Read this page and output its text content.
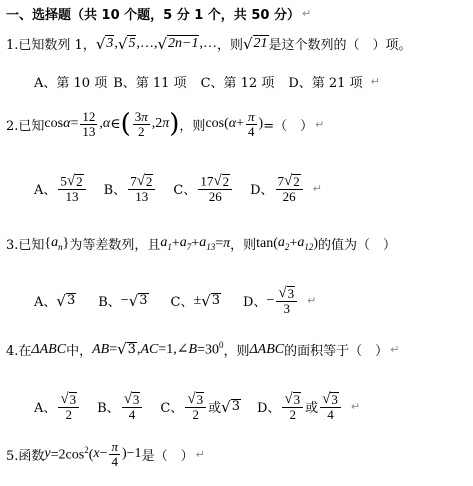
一、选择题（共 10 个题，5 分 1 个，共 50 分） ↵
1.已知数列 1， √ 3 , √ 5 ,…, √ 2n−1 ,… ，则 √ 21 是这个数列的（　）项。
A、第 10 项 B、第 11 项 C、第 12 项 D、第 21 项 ↵
2.已知 $\cos \alpha = \frac{12}{13}$ , α ∈ ( $\frac{3\pi}{2} ,2$ π ) ，则 cos( $\alpha + \frac{\pi}{4}$ ) =（　） ↵
A、 $\frac{5 √ 2}{13}$ B、 $\frac{7 √ 2}{13}$ C、 $\frac{17 √ 2}{26}$ D、 $\frac{7 √ 2}{26}$ ↵
3.已知 { $a_n$ } 为等差数列，且 $a_1 + a_7 + a_{13} = \pi$ ，则 tan( $a_2 + a_{12}$ ) 的值为（　）
A、 √ 3 B、 − √ 3 C、 ± √ 3 D、 − $\frac{√ 3}{3}$ ↵
4.在 ΔABC 中， AB = √ 3 , AC =1,∠ $B =30^0$ ，则 ΔABC 的面积等于（　） ↵
A、 $\frac{√ 3}{2}$ B、 $\frac{√ 3}{4}$ C、 $\frac{√ 3}{2}$ 或 √ 3 D、 $\frac{√ 3}{2}$ 或 $\frac{√ 3}{4}$ ↵
5.函数 $y =2\cos^2$( $x - \frac{\pi}{4} )-1$ 是（　） ↵
